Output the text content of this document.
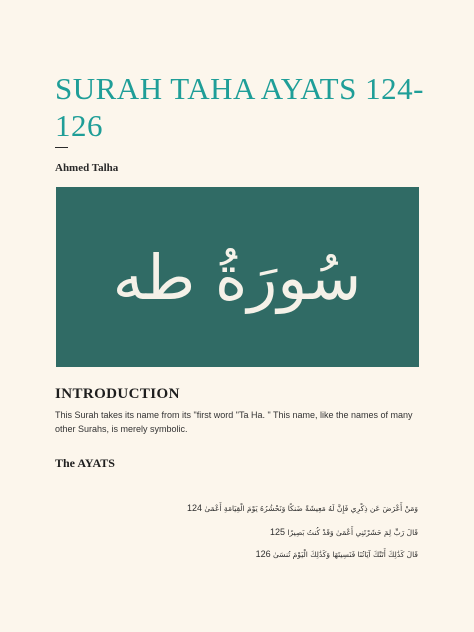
SURAH TAHA AYATS 124-126
Ahmed Talha
سُورَةُ طه
INTRODUCTION

This Surah takes its name from its "first word "Ta Ha. " This name, like the names of many other Surahs, is merely symbolic.

The AYATS
وَمَنْ أَعْرَضَ عَن ذِكْرِي فَإِنَّ لَهُ مَعِيشَةً ضَنكًا وَنَحْشُرُهُ يَوْمَ الْقِيَامَةِ أَعْمَىٰ 124
قَالَ رَبِّ لِمَ حَشَرْتَنِي أَعْمَىٰ وَقَدْ كُنتُ بَصِيرًا 125
قَالَ كَذَٰلِكَ أَتَتْكَ آيَاتُنَا فَنَسِيتَهَا وَكَذَٰلِكَ الْيَوْمَ تُنسَىٰ 126
